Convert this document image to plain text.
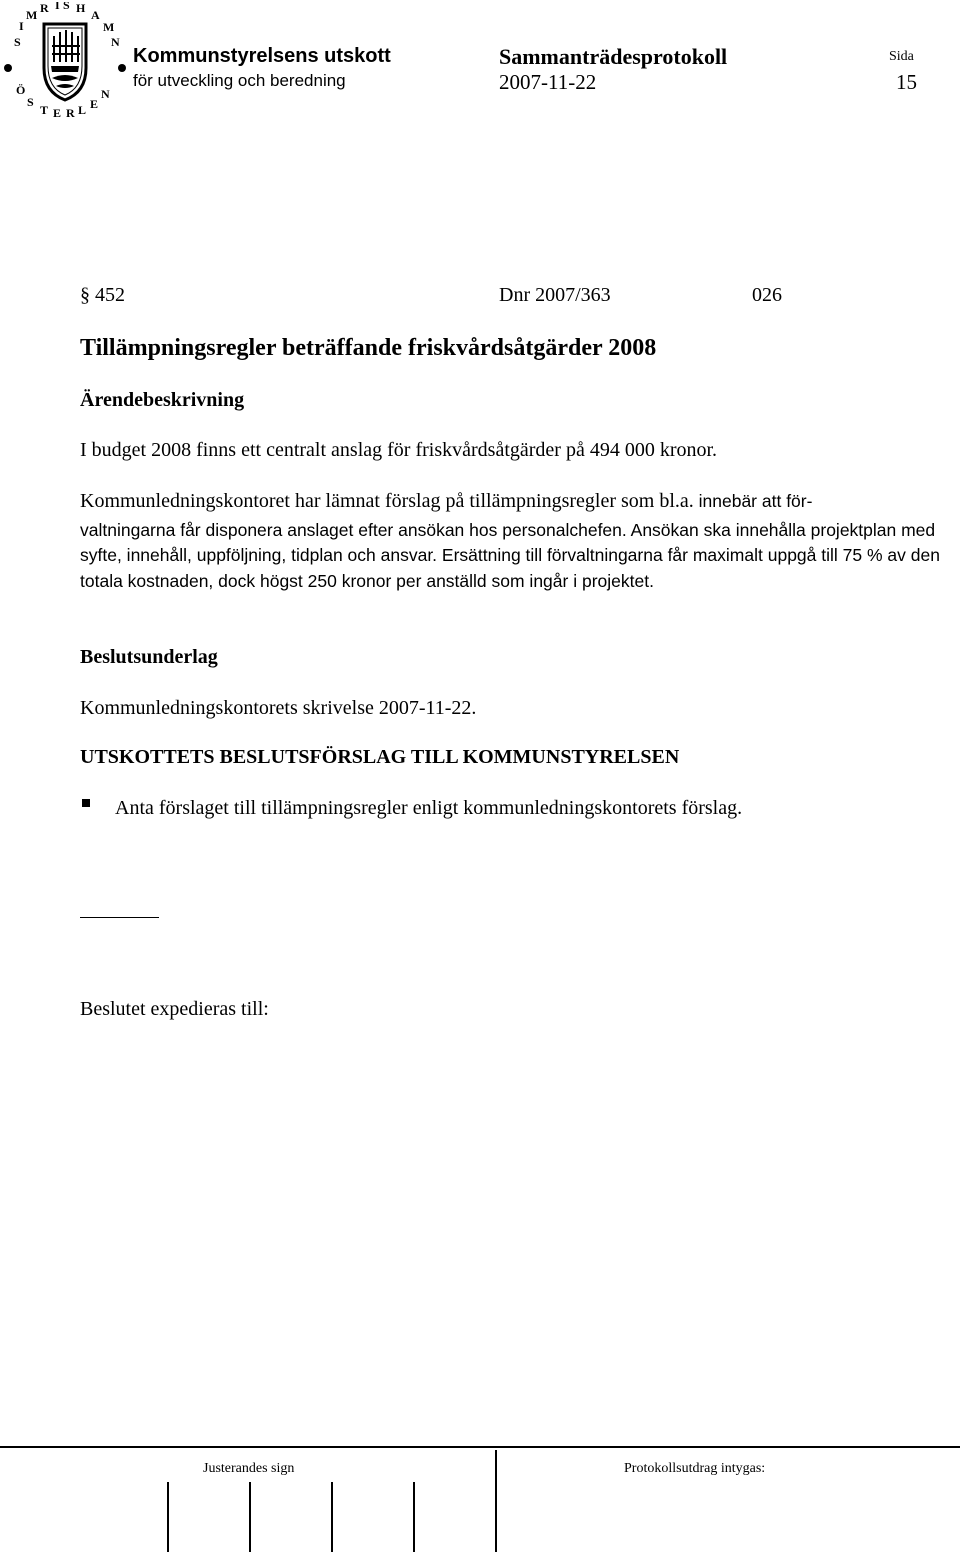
S
I
M R I S H A
M
N
Ö
S
T E R L E
N
Kommunstyrelsens utskott
för utveckling och beredning
Sammanträdesprotokoll
2007-11-22
Sida
15
§ 452	Dnr 2007/363	026
Tillämpningsregler beträffande friskvårdsåtgärder 2008
Ärendebeskrivning
I budget 2008 finns ett centralt anslag för friskvårdsåtgärder på 494 000 kronor.
Kommunledningskontoret har lämnat förslag på tillämpningsregler som bl.a. innebär att för-
valtningarna får disponera anslaget efter ansökan hos personalchefen. Ansökan ska innehålla projektplan med syfte, innehåll, uppföljning, tidplan och ansvar. Ersättning till förvaltningarna får maximalt uppgå till 75 % av den totala kostnaden, dock högst 250 kronor per anställd som ingår i projektet.
Beslutsunderlag
Kommunledningskontorets skrivelse 2007-11-22.
UTSKOTTETS BESLUTSFÖRSLAG TILL KOMMUNSTYRELSEN
Anta förslaget till tillämpningsregler enligt kommunledningskontorets förslag.
Beslutet expedieras till:
Justerandes sign	Protokollsutdrag intygas:
